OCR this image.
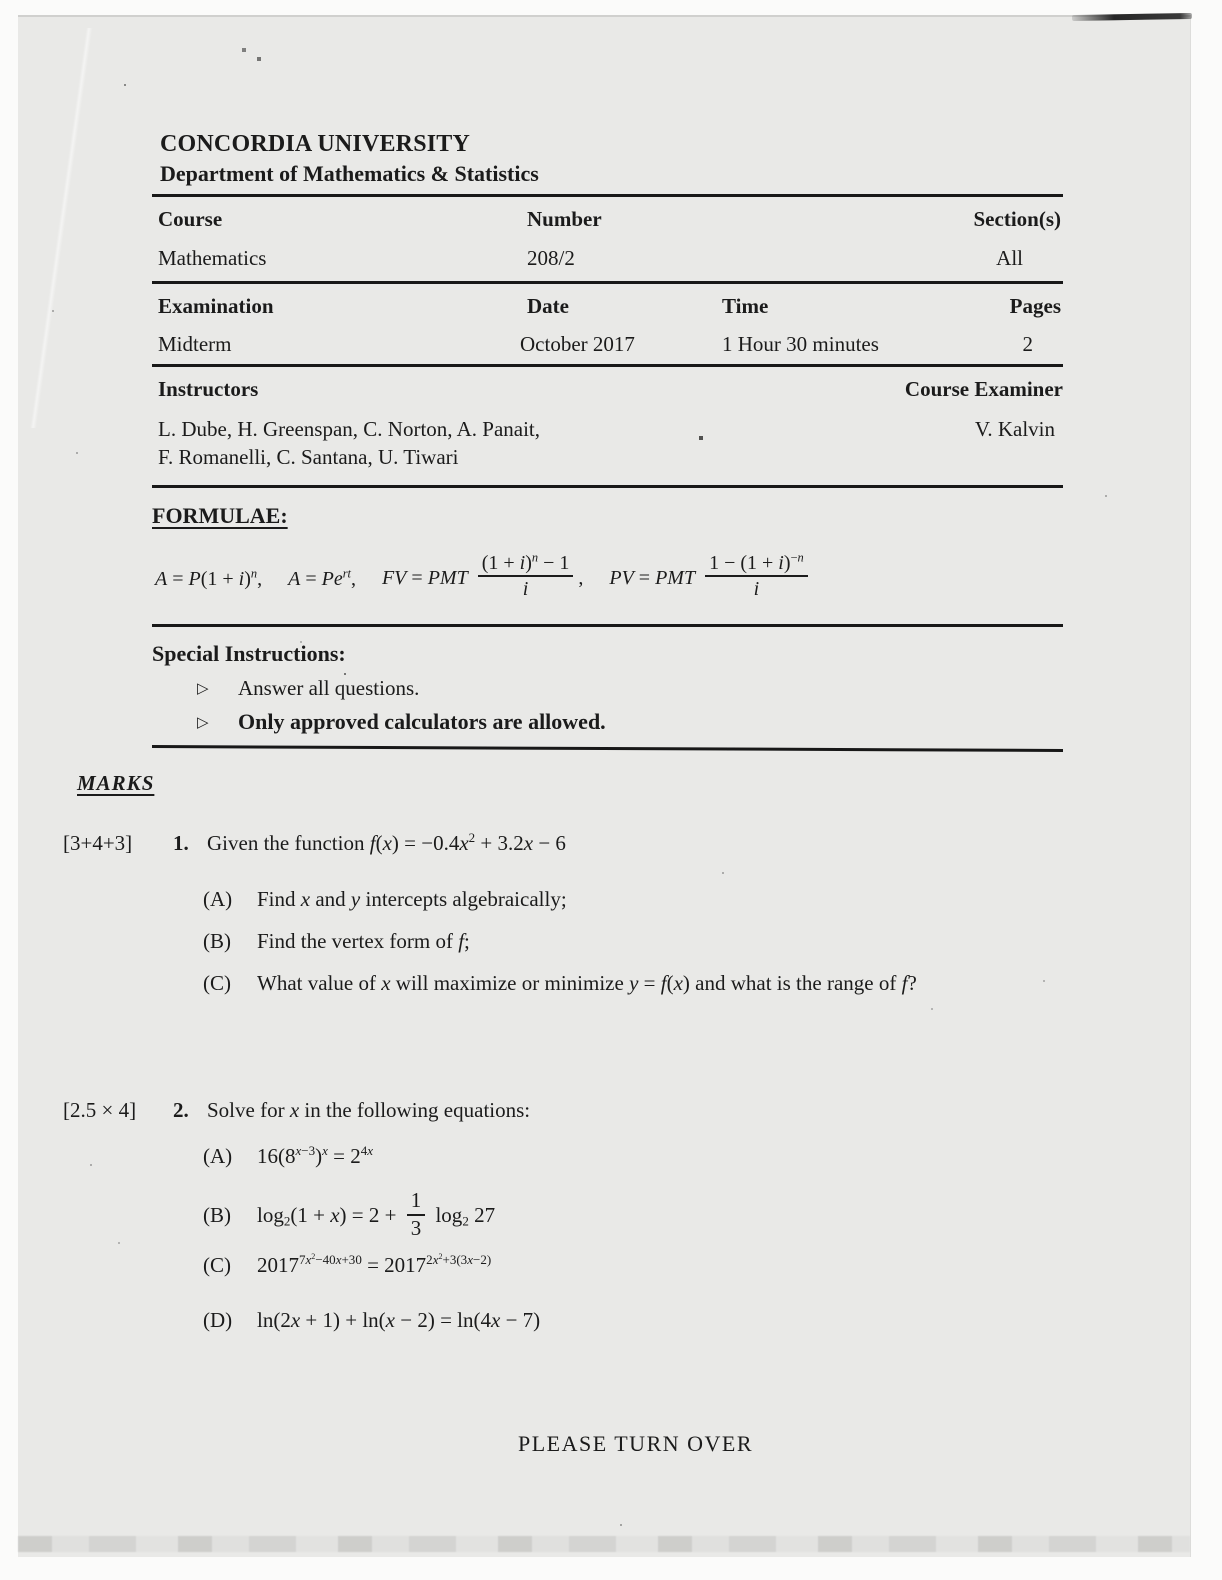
CONCORDIA UNIVERSITY
Department of Mathematics & Statistics
Course	Number	Section(s)
Mathematics	208/2	All
Examination	Date	Time	Pages
Midterm	October 2017	1 Hour 30 minutes	2
Instructors	Course Examiner
L. Dube, H. Greenspan, C. Norton, A. Panait,	V. Kalvin
F. Romanelli, C. Santana, U. Tiwari
FORMULAE:
$A = P(1 + i)^n$, $A = Pe^{rt}$, FV = PMT $\frac{(1 + i)^n - 1}{i}$ , PV = PMT $\frac{1 - (1 + i)^{-n}}{i}$
Special Instructions:
▷ Answer all questions.
▷ Only approved calculators are allowed.
MARKS
[3+4+3] 1. Given the function $f(x) = -0.4x^2 + 3.2x - 6$
(A) Find x and y intercepts algebraically;
(B) Find the vertex form of f;
(C) What value of x will maximize or minimize y = f(x) and what is the range of f?
[2.5 × 4] 2. Solve for x in the following equations:
(A) $16(8^{x-3})^x = 2^{4x}$
(B) $\log_2(1 + x) = 2 + \frac{1}{3} \log_2 27$
(C) $2017^{7x^2-40x+30} = 2017^{2x^2+3(3x-2)}$
(D) ln(2x + 1) + ln(x − 2) = ln(4x − 7)
PLEASE TURN OVER
